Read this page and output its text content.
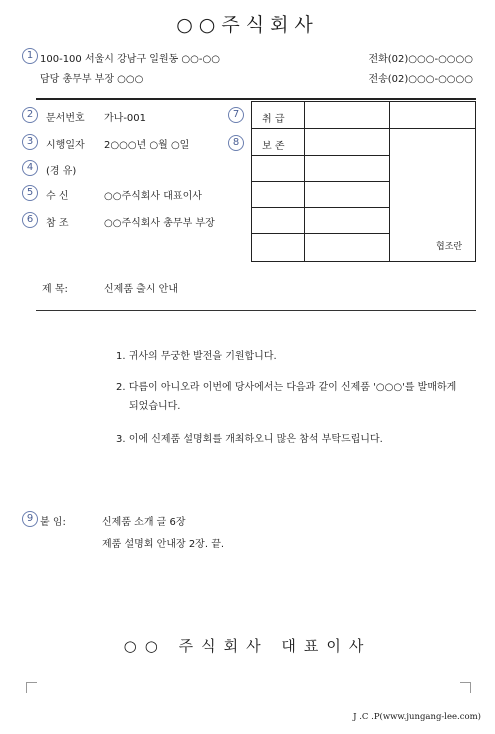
○○주식회사
1 100-100 서울시 강남구 일원동 ○○-○○	전화(02)○○○-○○○○
담당 총무부 부장 ○○○	전송(02)○○○-○○○○
2	문서번호 가나-001
3	시행일자 2○○○년 ○월 ○일
4	(경 유)
5	수 신	○○주식회사 대표이사
6	참 조	○○주식회사 총무부 부장
7	취 급
8	보 존
협조란
제 목:	신제품 출시 안내
1. 귀사의 무궁한 발전을 기원합니다.
2. 다름이 아니오라 이번에 당사에서는 다음과 같이 신제품 '○○○'를 발매하게
되었습니다.
3. 이에 신제품 설명회를 개최하오니 많은 참석 부탁드립니다.
9 붙 임:	신제품 소개 글 6장
제품 설명회 안내장 2장. 끝.
○○ 주식회사 대표이사
J .C .P(www.jungang-lee.com)
